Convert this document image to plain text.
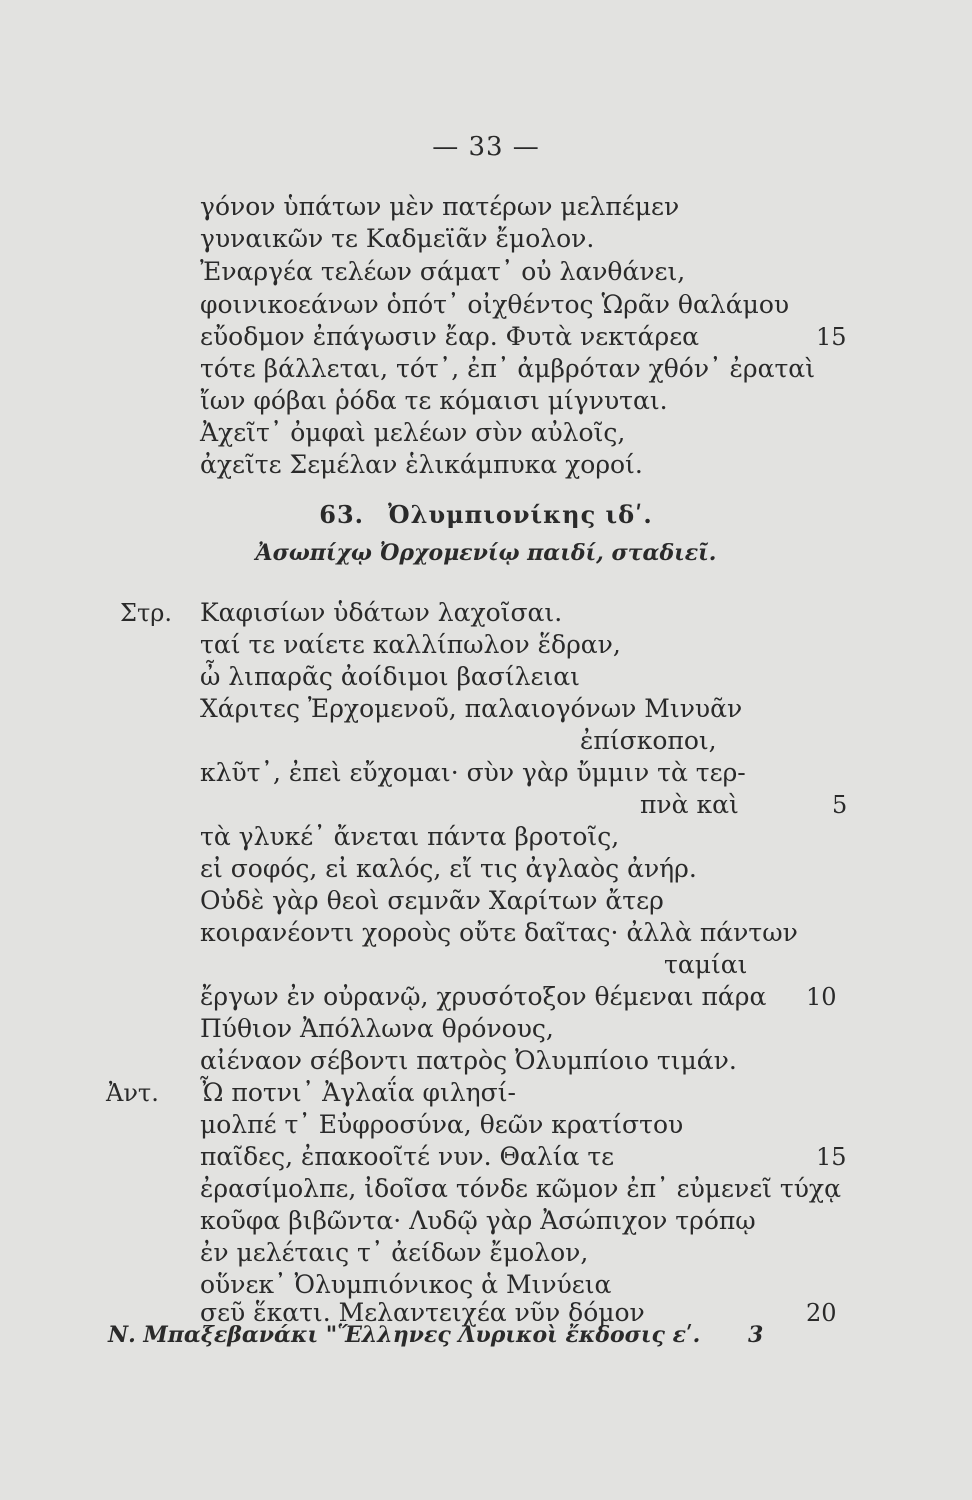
— 33 —
γόνον ὑπάτων μὲν πατέρων μελπέμεν
γυναικῶν τε Καδμεϊᾶν ἔμολον.
Ἐναργέα τελέων σάματ᾽ οὐ λανθάνει,
φοινικοεάνων ὁπότ᾽ οἰχθέντος Ὡρᾶν θαλάμου
εὔοδμον ἐπάγωσιν ἔαρ. Φυτὰ νεκτάρεα	15
τότε βάλλεται, τότ᾽, ἐπ᾽ ἀμβρόταν χθόν᾽ ἐραταὶ
ἴων φόβαι ῥόδα τε κόμαισι μίγνυται.
Ἀχεῖτ᾽ ὀμφαὶ μελέων σὺν αὐλοῖς,
ἀχεῖτε Σεμέλαν ἑλικάμπυκα χοροί.
63. Ὀλυμπιονίκης ιδʹ.
Ἀσωπίχῳ Ὀρχομενίῳ παιδί, σταδιεῖ.
Στρ. Καφισίων ὑδάτων λαχοῖσαι.
ταί τε ναίετε καλλίπωλον ἕδραν,
ὦ λιπαρᾶς ἀοίδιμοι βασίλειαι
Χάριτες Ἐρχομενοῦ, παλαιογόνων Μινυᾶν
ἐπίσκοποι,
κλῦτ᾽, ἐπεὶ εὔχομαι· σὺν γὰρ ὔμμιν τὰ τερ-
πνὰ καὶ	5
τὰ γλυκέ᾽ ἄνεται πάντα βροτοῖς,
εἰ σοφός, εἰ καλός, εἴ τις ἀγλαὸς ἀνήρ.
Οὐδὲ γὰρ θεοὶ σεμνᾶν Χαρίτων ἄτερ
κοιρανέοντι χοροὺς οὔτε δαῖτας· ἀλλὰ πάντων
ταμίαι
ἔργων ἐν οὐρανῷ, χρυσότοξον θέμεναι πάρα 10
Πύθιον Ἀπόλλωνα θρόνους,
αἰέναον σέβοντι πατρὸς Ὀλυμπίοιο τιμάν.
Ἀντ. Ὦ ποτνι᾽ Ἀγλαΐα φιλησί-
μολπέ τ᾽ Εὐφροσύνα, θεῶν κρατίστου
παῖδες, ἐπακοοῖτέ νυν. Θαλία τε	15
ἐρασίμολπε, ἰδοῖσα τόνδε κῶμον ἐπ᾽ εὐμενεῖ τύχᾳ
κοῦφα βιβῶντα· Λυδῷ γὰρ Ἀσώπιχον τρόπῳ
ἐν μελέταις τ᾽ ἀείδων ἔμολον,
οὕνεκ᾽ Ὀλυμπιόνικος ἁ Μινύεια
σεῦ ἕκατι. Μελαντειχέα νῦν δόμον	20
Ν. Μπαξεβανάκι "Ἕλληνες Λυρικοὶ ἔκδοσις εʹ. 3
